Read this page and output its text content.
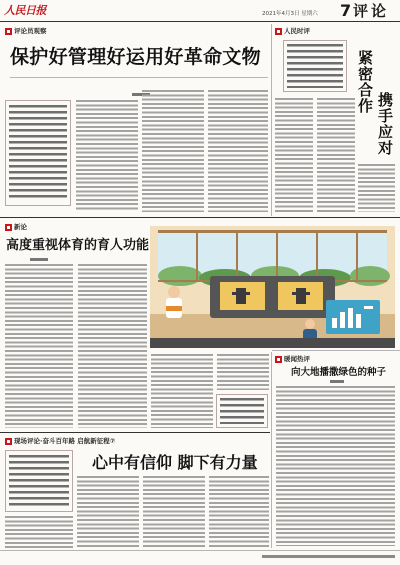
人民日报	2021年4月3日 星期六 7 评论
评论员观察
保护好管理好运用好革命文物
人民时评
紧密合作
携手应对
新论
高度重视体育的育人功能
暖闻热评
向大地播撒绿色的种子
现场评论·奋斗百年路 启航新征程⑦
心中有信仰 脚下有力量
